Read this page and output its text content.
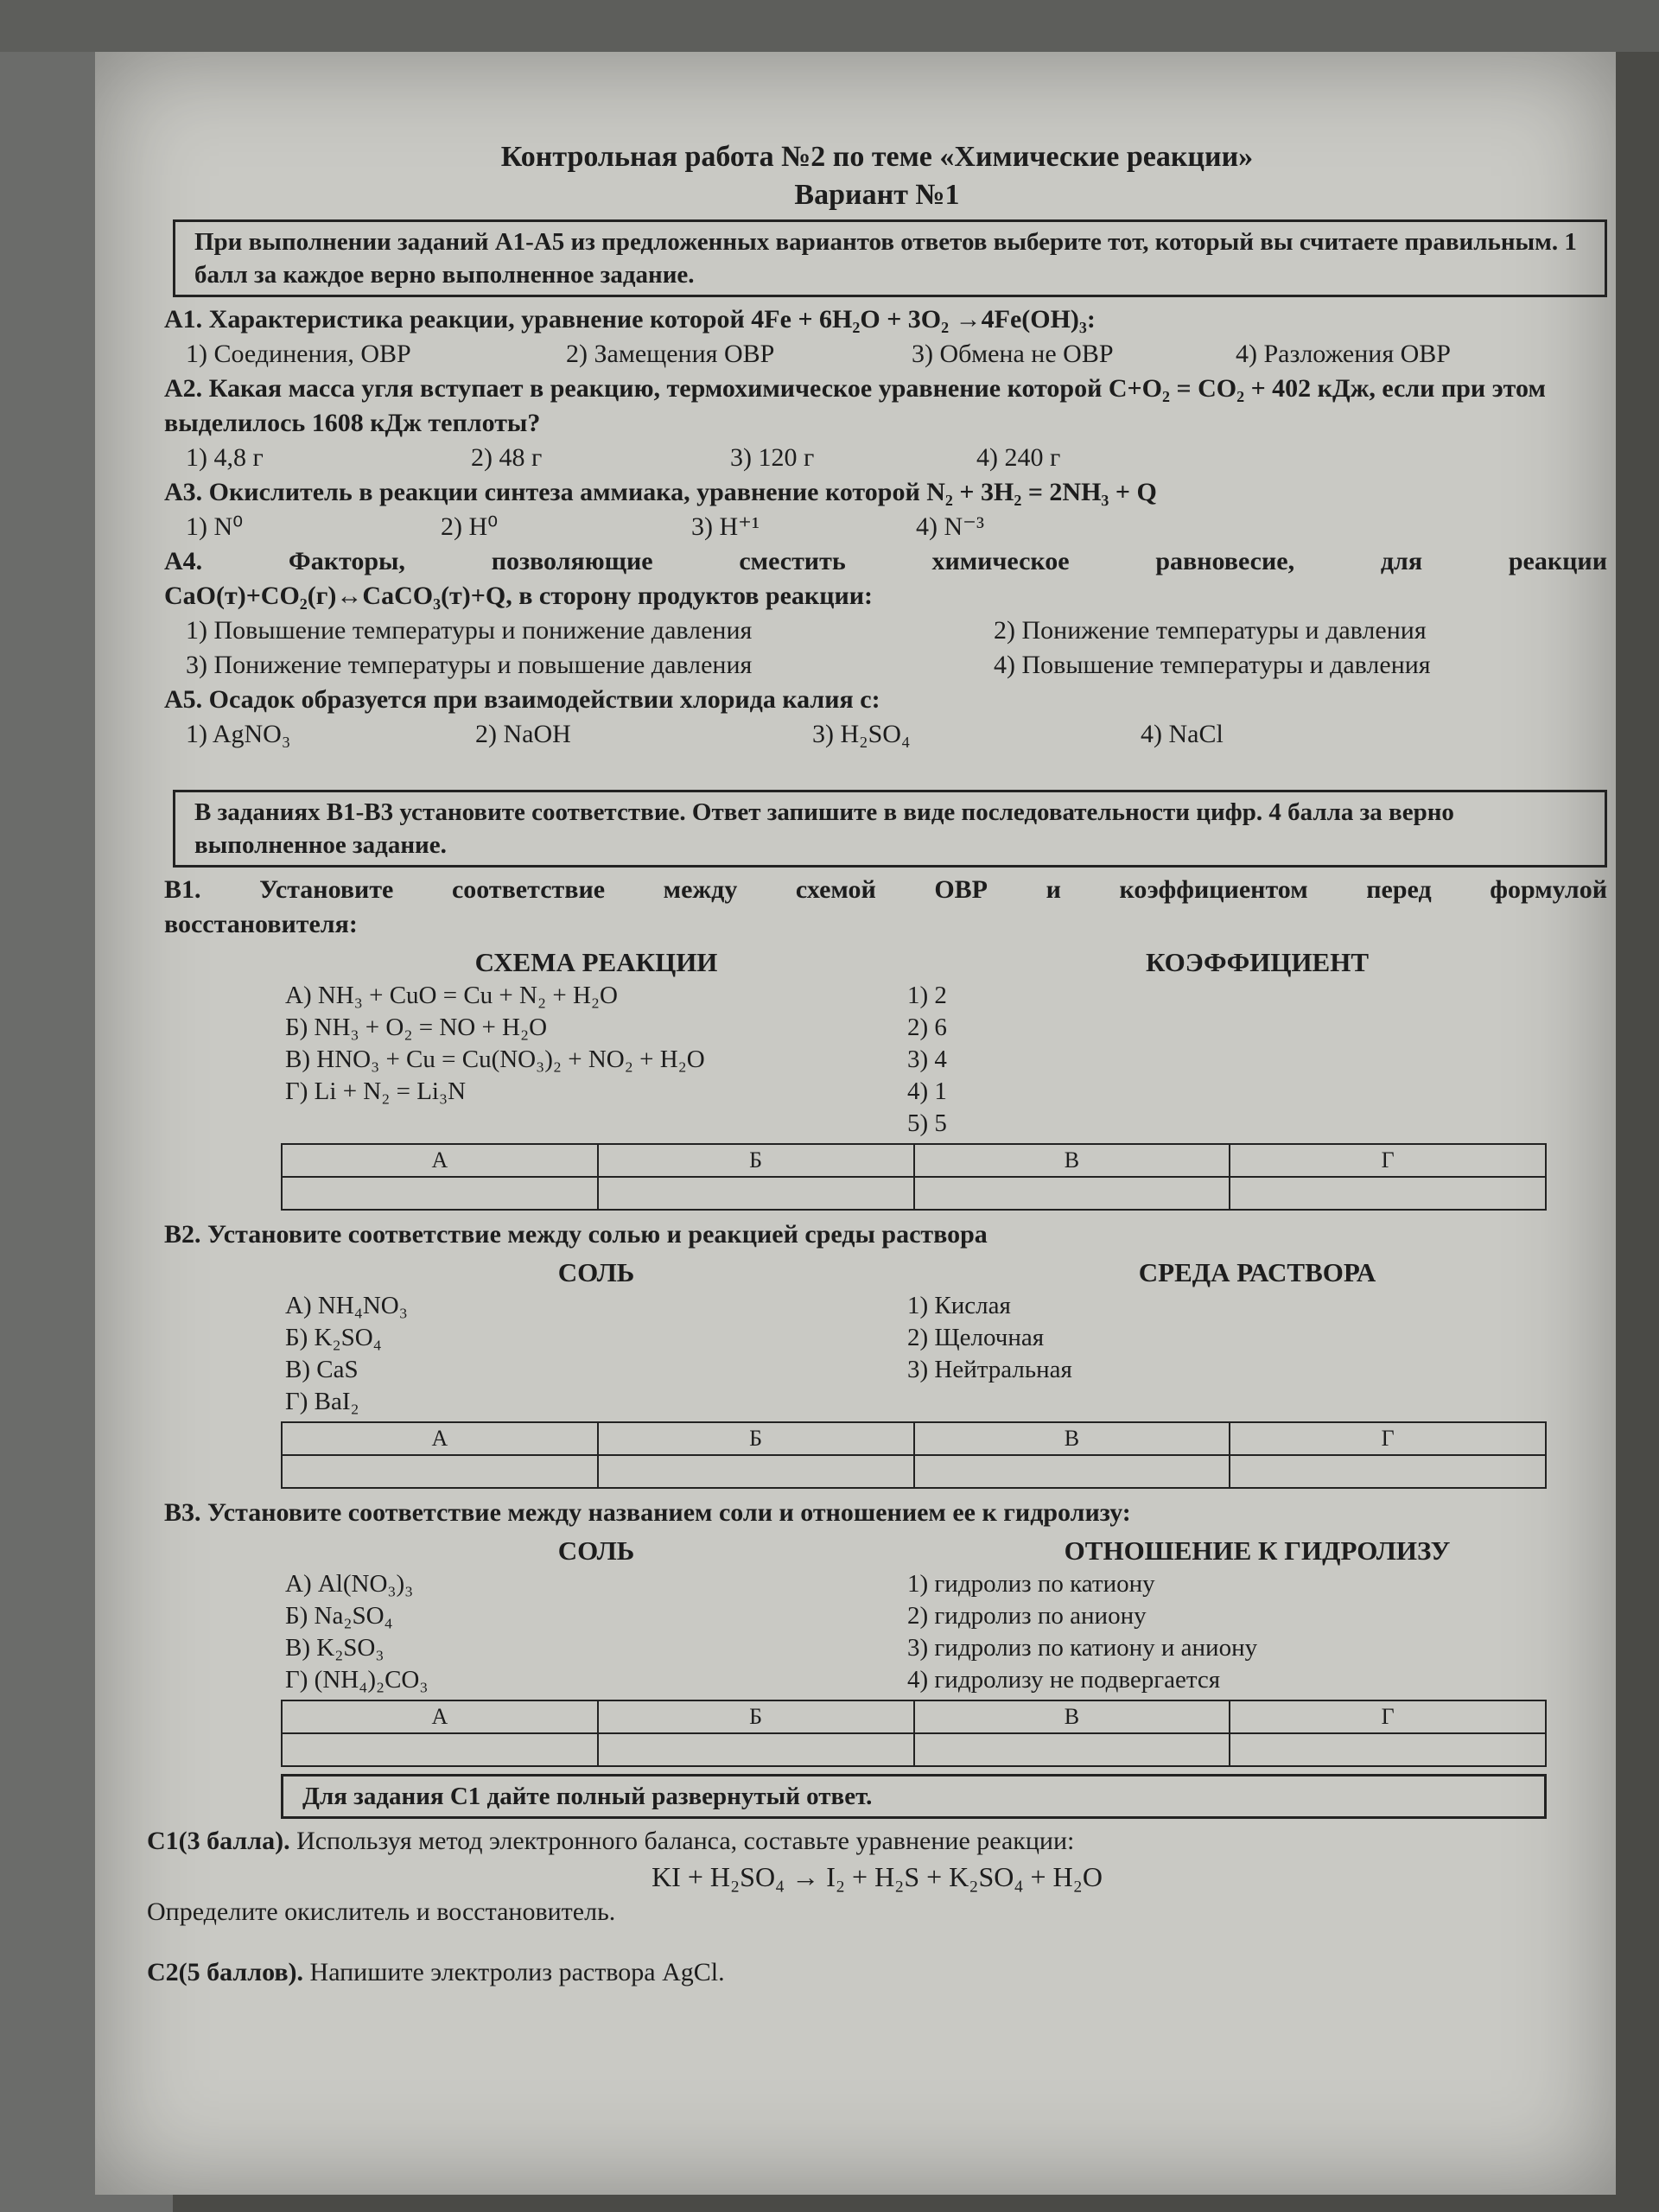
Контрольная работа №2 по теме «Химические реакции»
Вариант №1
При выполнении заданий А1-А5 из предложенных вариантов ответов выберите тот, который вы считаете правильным. 1 балл за каждое верно выполненное задание.
А1. Характеристика реакции, уравнение которой 4Fe + 6H₂O + 3O₂ →4Fe(OH)₃:
1) Соединения, ОВР	2) Замещения ОВР	3) Обмена не ОВР	4) Разложения ОВР
А2. Какая масса угля вступает в реакцию, термохимическое уравнение которой С+О₂ = СО₂ + 402 кДж, если при этом выделилось 1608 кДж теплоты?
1) 4,8 г	2) 48 г	3) 120 г	4) 240 г
А3. Окислитель в реакции синтеза аммиака, уравнение которой N₂ + 3H₂ = 2NH₃ + Q
1) N⁰	2) H⁰	3) H⁺¹	4) N⁻³
А4. Факторы, позволяющие сместить химическое равновесие, для реакции
СаО(т)+СО₂(г)↔СаСО₃(т)+Q, в сторону продуктов реакции:
1) Повышение температуры и понижение давления	2) Понижение температуры и давления
3) Понижение температуры и повышение давления	4) Повышение температуры и давления
А5. Осадок образуется при взаимодействии хлорида калия с:
1) AgNO₃	2) NaOH	3) H₂SO₄	4) NaCl
В заданиях В1-В3 установите соответствие. Ответ запишите в виде последовательности цифр. 4 балла за верно выполненное задание.
В1. Установите соответствие между схемой ОВР и коэффициентом перед формулой
восстановителя:
СХЕМА РЕАКЦИИ
А) NH₃ + CuO = Cu + N₂ + H₂O
Б) NH₃ + O₂ = NO + H₂O
В) HNO₃ + Cu = Cu(NO₃)₂ + NO₂ + H₂O
Г) Li + N₂ = Li₃N
КОЭФФИЦИЕНТ
1) 2
2) 6
3) 4
4) 1
5) 5
А	Б	В	Г

В2. Установите соответствие между солью и реакцией среды раствора
СОЛЬ
А) NH₄NO₃
Б) K₂SO₄
В) CaS
Г) BaI₂
СРЕДА РАСТВОРА
1) Кислая
2) Щелочная
3) Нейтральная
А	Б	В	Г

В3. Установите соответствие между названием соли и отношением ее к гидролизу:
СОЛЬ
А) Al(NO₃)₃
Б) Na₂SO₄
В) K₂SO₃
Г) (NH₄)₂CO₃
ОТНОШЕНИЕ К ГИДРОЛИЗУ
1) гидролиз по катиону
2) гидролиз по аниону
3) гидролиз по катиону и аниону
4) гидролизу не подвергается
А	Б	В	Г

Для задания С1 дайте полный развернутый ответ.
С1(3 балла). Используя метод электронного баланса, составьте уравнение реакции:
KI + H₂SO₄ → I₂ + H₂S + K₂SO₄ + H₂O
Определите окислитель и восстановитель.
С2(5 баллов). Напишите электролиз раствора AgCl.
